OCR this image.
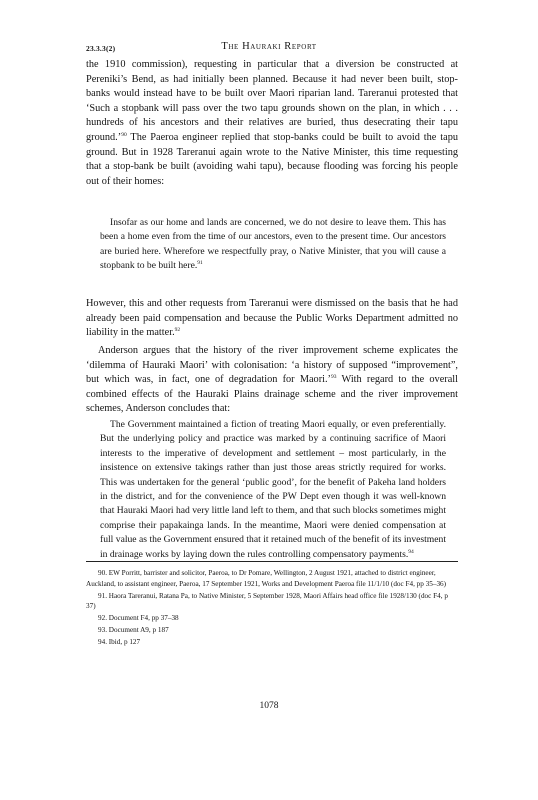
23.3.3(2)	The Hauraki Report

the 1910 commission), requesting in particular that a diversion be constructed at Pereniki’s Bend, as had initially been planned. Because it had never been built, stop-banks would instead have to be built over Maori riparian land. Tareranui protested that ‘Such a stopbank will pass over the two tapu grounds shown on the plan, in which . . . hundreds of his ancestors and their relatives are buried, thus desecrating their tapu ground.’$^{90}$ The Paeroa engineer replied that stop-banks could be built to avoid the tapu ground. But in 1928 Tareranui again wrote to the Native Minister, this time requesting that a stop-bank be built (avoiding wahi tapu), because flooding was forcing his people out of their homes:

Insofar as our home and lands are concerned, we do not desire to leave them. This has been a home even from the time of our ancestors, even to the present time. Our ancestors are buried here. Wherefore we respectfully pray, o Native Minister, that you will cause a stopbank to be built here.$^{91}$

However, this and other requests from Tareranui were dismissed on the basis that he had already been paid compensation and because the Public Works Department admitted no liability in the matter.$^{92}$

Anderson argues that the history of the river improvement scheme explicates the ‘dilemma of Hauraki Maori’ with colonisation: ‘a history of supposed “improvement”, but which was, in fact, one of degradation for Maori.’$^{93}$ With regard to the overall combined effects of the Hauraki Plains drainage scheme and the river improvement schemes, Anderson concludes that:

The Government maintained a fiction of treating Maori equally, or even preferentially. But the underlying policy and practice was marked by a continuing sacrifice of Maori interests to the imperative of development and settlement – most particularly, in the insistence on extensive takings rather than just those areas strictly required for works. This was undertaken for the general ‘public good’, for the benefit of Pakeha land holders in the district, and for the convenience of the PW Dept even though it was well-known that Hauraki Maori had very little land left to them, and that such blocks sometimes might comprise their papakainga lands. In the meantime, Maori were denied compensation at full value as the Government ensured that it retained much of the benefit of its investment in drainage works by laying down the rules controlling compensatory payments.$^{94}$

90. EW Porritt, barrister and solicitor, Paeroa, to Dr Pomare, Wellington, 2 August 1921, attached to district engineer, Auckland, to assistant engineer, Paeroa, 17 September 1921, Works and Development Paeroa file 11/1/10 (doc F4, pp 35–36)

91. Haora Tareranui, Ratana Pa, to Native Minister, 5 September 1928, Maori Affairs head office file 1928/130 (doc F4, p 37)

92. Document F4, pp 37–38

93. Document A9, p 187

94. Ibid, p 127

1078
